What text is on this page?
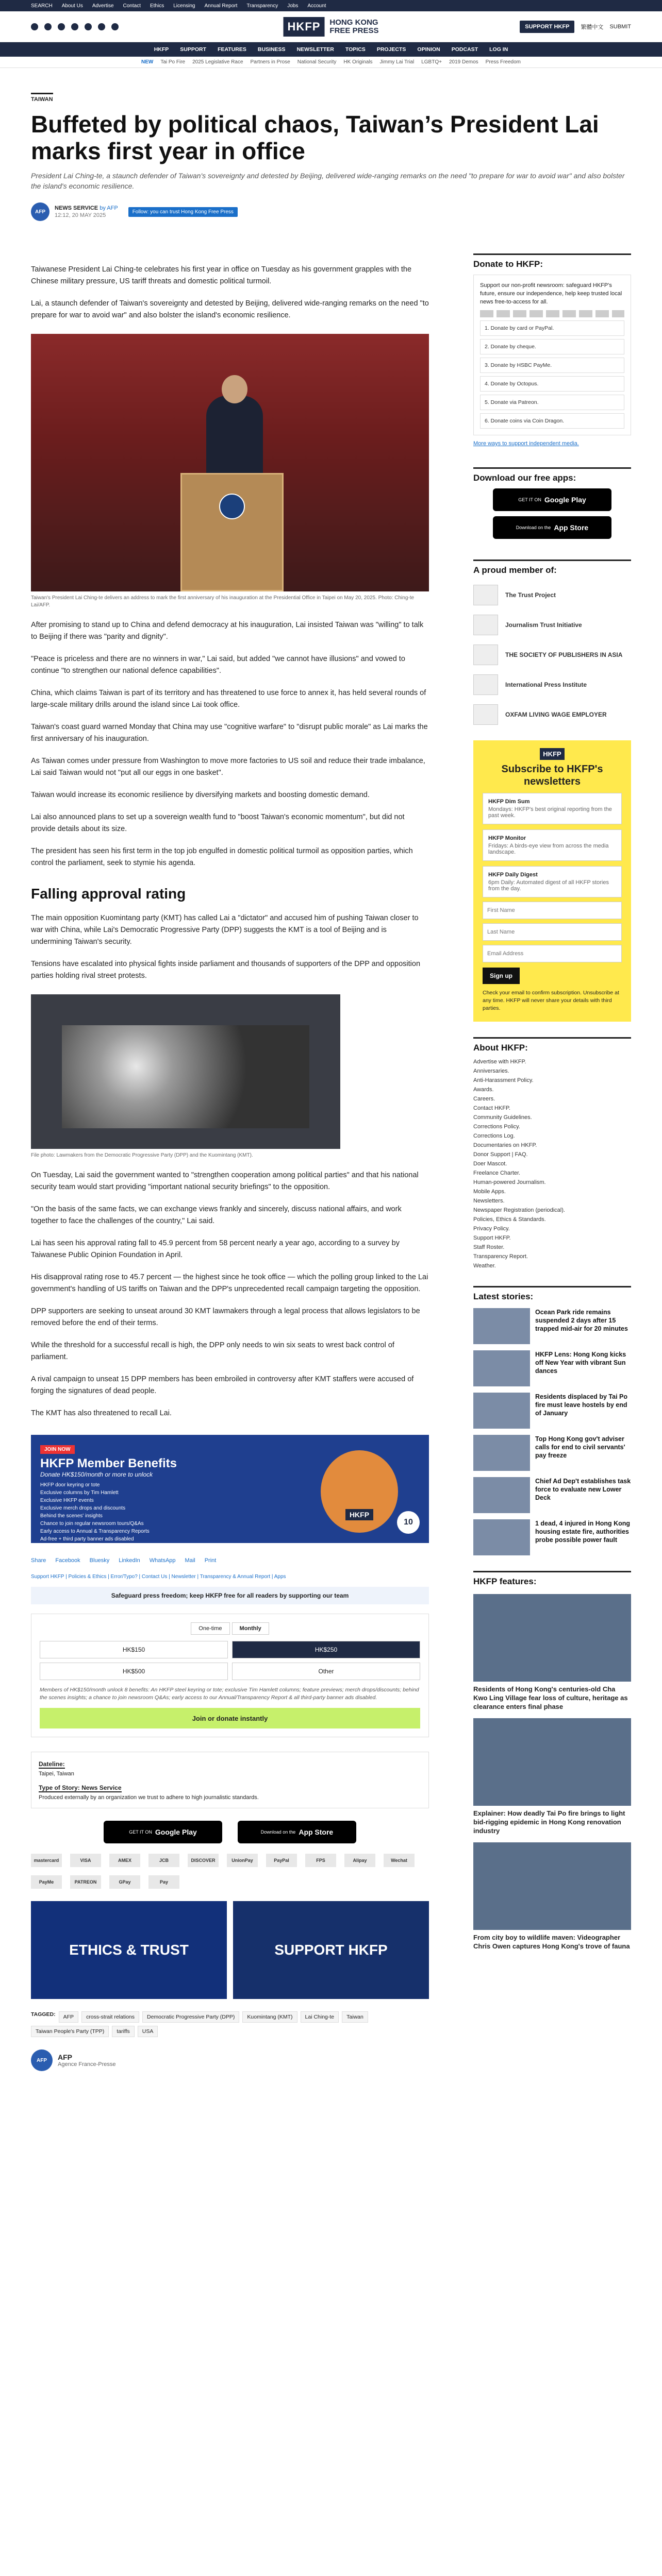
SEARCH About Us Advertise Contact Ethics Licensing Annual Report Transparency Jobs Account
HKFP	HONG KONG
FREE PRESS	SUPPORT HKFP	繁體中文 SUBMIT
HKFP SUPPORT FEATURES BUSINESS NEWSLETTER TOPICS PROJECTS OPINION PODCAST LOG IN
NEW Tai Po Fire 2025 Legislative Race Partners in Prose National Security HK Originals Jimmy Lai Trial LGBTQ+ 2019 Demos Press Freedom
TAIWAN
Buffeted by political chaos, Taiwan’s President Lai marks first year in office
President Lai Ching-te, a staunch defender of Taiwan's sovereignty and detested by Beijing, delivered wide-ranging remarks on the need "to prepare for war to avoid war" and also bolster the island's economic resilience.
AFP
NEWS SERVICE by AFP
12:12, 20 MAY 2025
Follow: you can trust Hong Kong Free Press
Taiwanese President Lai Ching-te celebrates his first year in office on Tuesday as his government grapples with the Chinese military pressure, US tariff threats and domestic political turmoil.
Lai, a staunch defender of Taiwan's sovereignty and detested by Beijing, delivered wide-ranging remarks on the need "to prepare for war to avoid war" and also bolster the island's economic resilience.
Taiwan's President Lai Ching-te delivers an address to mark the first anniversary of his inauguration at the Presidential Office in Taipei on May 20, 2025. Photo: Ching-te Lai/AFP.
After promising to stand up to China and defend democracy at his inauguration, Lai insisted Taiwan was "willing" to talk to Beijing if there was "parity and dignity".
"Peace is priceless and there are no winners in war," Lai said, but added "we cannot have illusions" and vowed to continue "to strengthen our national defence capabilities".
China, which claims Taiwan is part of its territory and has threatened to use force to annex it, has held several rounds of large-scale military drills around the island since Lai took office.
Taiwan's coast guard warned Monday that China may use "cognitive warfare" to "disrupt public morale" as Lai marks the first anniversary of his inauguration.
As Taiwan comes under pressure from Washington to move more factories to US soil and reduce their trade imbalance, Lai said Taiwan would not "put all our eggs in one basket".
Taiwan would increase its economic resilience by diversifying markets and boosting domestic demand.
Lai also announced plans to set up a sovereign wealth fund to "boost Taiwan's economic momentum", but did not provide details about its size.
The president has seen his first term in the top job engulfed in domestic political turmoil as opposition parties, which control the parliament, seek to stymie his agenda.
Falling approval rating
The main opposition Kuomintang party (KMT) has called Lai a "dictator" and accused him of pushing Taiwan closer to war with China, while Lai's Democratic Progressive Party (DPP) suggests the KMT is a tool of Beijing and is undermining Taiwan's security.
Tensions have escalated into physical fights inside parliament and thousands of supporters of the DPP and opposition parties holding rival street protests.
File photo: Lawmakers from the Democratic Progressive Party (DPP) and the Kuomintang (KMT).
On Tuesday, Lai said the government wanted to "strengthen cooperation among political parties" and that his national security team would start providing "important national security briefings" to the opposition.
"On the basis of the same facts, we can exchange views frankly and sincerely, discuss national affairs, and work together to face the challenges of the country," Lai said.
Lai has seen his approval rating fall to 45.9 percent from 58 percent nearly a year ago, according to a survey by Taiwanese Public Opinion Foundation in April.
His disapproval rating rose to 45.7 percent — the highest since he took office — which the polling group linked to the Lai government's handling of US tariffs on Taiwan and the DPP's unprecedented recall campaign targeting the opposition.
DPP supporters are seeking to unseat around 30 KMT lawmakers through a legal process that allows legislators to be removed before the end of their terms.
While the threshold for a successful recall is high, the DPP only needs to win six seats to wrest back control of parliament.
A rival campaign to unseat 15 DPP members has been embroiled in controversy after KMT staffers were accused of forging the signatures of dead people.
The KMT has also threatened to recall Lai.
JOIN NOW
HKFP Member Benefits
Donate HK$150/month or more to unlock
HKFP door keyring or tote
Exclusive columns by Tim Hamlett
Exclusive HKFP events
Exclusive merch drops and discounts
Behind the scenes' insights
Chance to join regular newsroom tours/Q&As
Early access to Annual & Transparency Reports
Ad-free + third party banner ads disabled
HKFP
10
Share Facebook Bluesky LinkedIn WhatsApp Mail Print
Support HKFP | Policies & Ethics | Error/Typo? | Contact Us | Newsletter | Transparency & Annual Report | Apps
Safeguard press freedom; keep HKFP free for all readers by supporting our team
One-time	Monthly
HK$150	HK$250
HK$500	Other
Members of HK$150/month unlock 8 benefits: An HKFP steel keyring or tote; exclusive Tim Hamlett columns; feature previews; merch drops/discounts; behind the scenes insights; a chance to join newsroom Q&As; early access to our Annual/Transparency Report & all third-party banner ads disabled.
Join or donate instantly
Dateline:
Taipei, Taiwan
Type of Story: News Service
Produced externally by an organization we trust to adhere to high journalistic standards.
GET IT ON Google Play	Download on the App Store
mastercard	VISA	AMEX	JCB	DISCOVER	UnionPay	PayPal	FPS	Alipay	Wechat
PayMe	PATREON	GPay	Pay
ETHICS & TRUST	SUPPORT HKFP
TAGGED:	AFP	cross-strait relations	Democratic Progressive Party (DPP)	Kuomintang (KMT)	Lai Ching-te	Taiwan
Taiwan People's Party (TPP)	tariffs	USA
AFP	AFP
Agence France-Presse
Donate to HKFP:
Support our non-profit newsroom: safeguard HKFP's future, ensure our independence, help keep trusted local news free-to-access for all.
1. Donate by card or PayPal.
2. Donate by cheque.
3. Donate by HSBC PayMe.
4. Donate by Octopus.
5. Donate via Patreon.
6. Donate coins via Coin Dragon.
More ways to support independent media.
Download our free apps:
GET IT ON Google Play
Download on the App Store
A proud member of:
The Trust Project
Journalism Trust Initiative
THE SOCIETY OF PUBLISHERS IN ASIA
International Press Institute
OXFAM LIVING WAGE EMPLOYER
HKFP
Subscribe to HKFP's newsletters
HKFP Dim Sum
Mondays: HKFP's best original reporting from the past week.
HKFP Monitor
Fridays: A birds-eye view from across the media landscape.
HKFP Daily Digest
6pm Daily: Automated digest of all HKFP stories from the day.
First Name Last Name Email Address Sign up
Check your email to confirm subscription. Unsubscribe at any time. HKFP will never share your details with third parties.
About HKFP:
Advertise with HKFP.
Anniversaries.
Anti-Harassment Policy.
Awards.
Careers.
Contact HKFP.
Community Guidelines.
Corrections Policy.
Corrections Log.
Documentaries on HKFP.
Donor Support | FAQ.
Doer Mascot.
Freelance Charter.
Human-powered Journalism.
Mobile Apps.
Newsletters.
Newspaper Registration (periodical).
Policies, Ethics & Standards.
Privacy Policy.
Support HKFP.
Staff Roster.
Transparency Report.
Weather.
Latest stories:
Ocean Park ride remains suspended 2 days after 15 trapped mid-air for 20 minutes
HKFP Lens: Hong Kong kicks off New Year with vibrant Sun dances
Residents displaced by Tai Po fire must leave hostels by end of January
Top Hong Kong gov't adviser calls for end to civil servants' pay freeze
Chief Ad Dep't establishes task force to evaluate new Lower Deck
1 dead, 4 injured in Hong Kong housing estate fire, authorities probe possible power fault
HKFP features:
Residents of Hong Kong's centuries-old Cha Kwo Ling Village fear loss of culture, heritage as clearance enters final phase
Explainer: How deadly Tai Po fire brings to light bid-rigging epidemic in Hong Kong renovation industry
From city boy to wildlife maven: Videographer Chris Owen captures Hong Kong's trove of fauna
